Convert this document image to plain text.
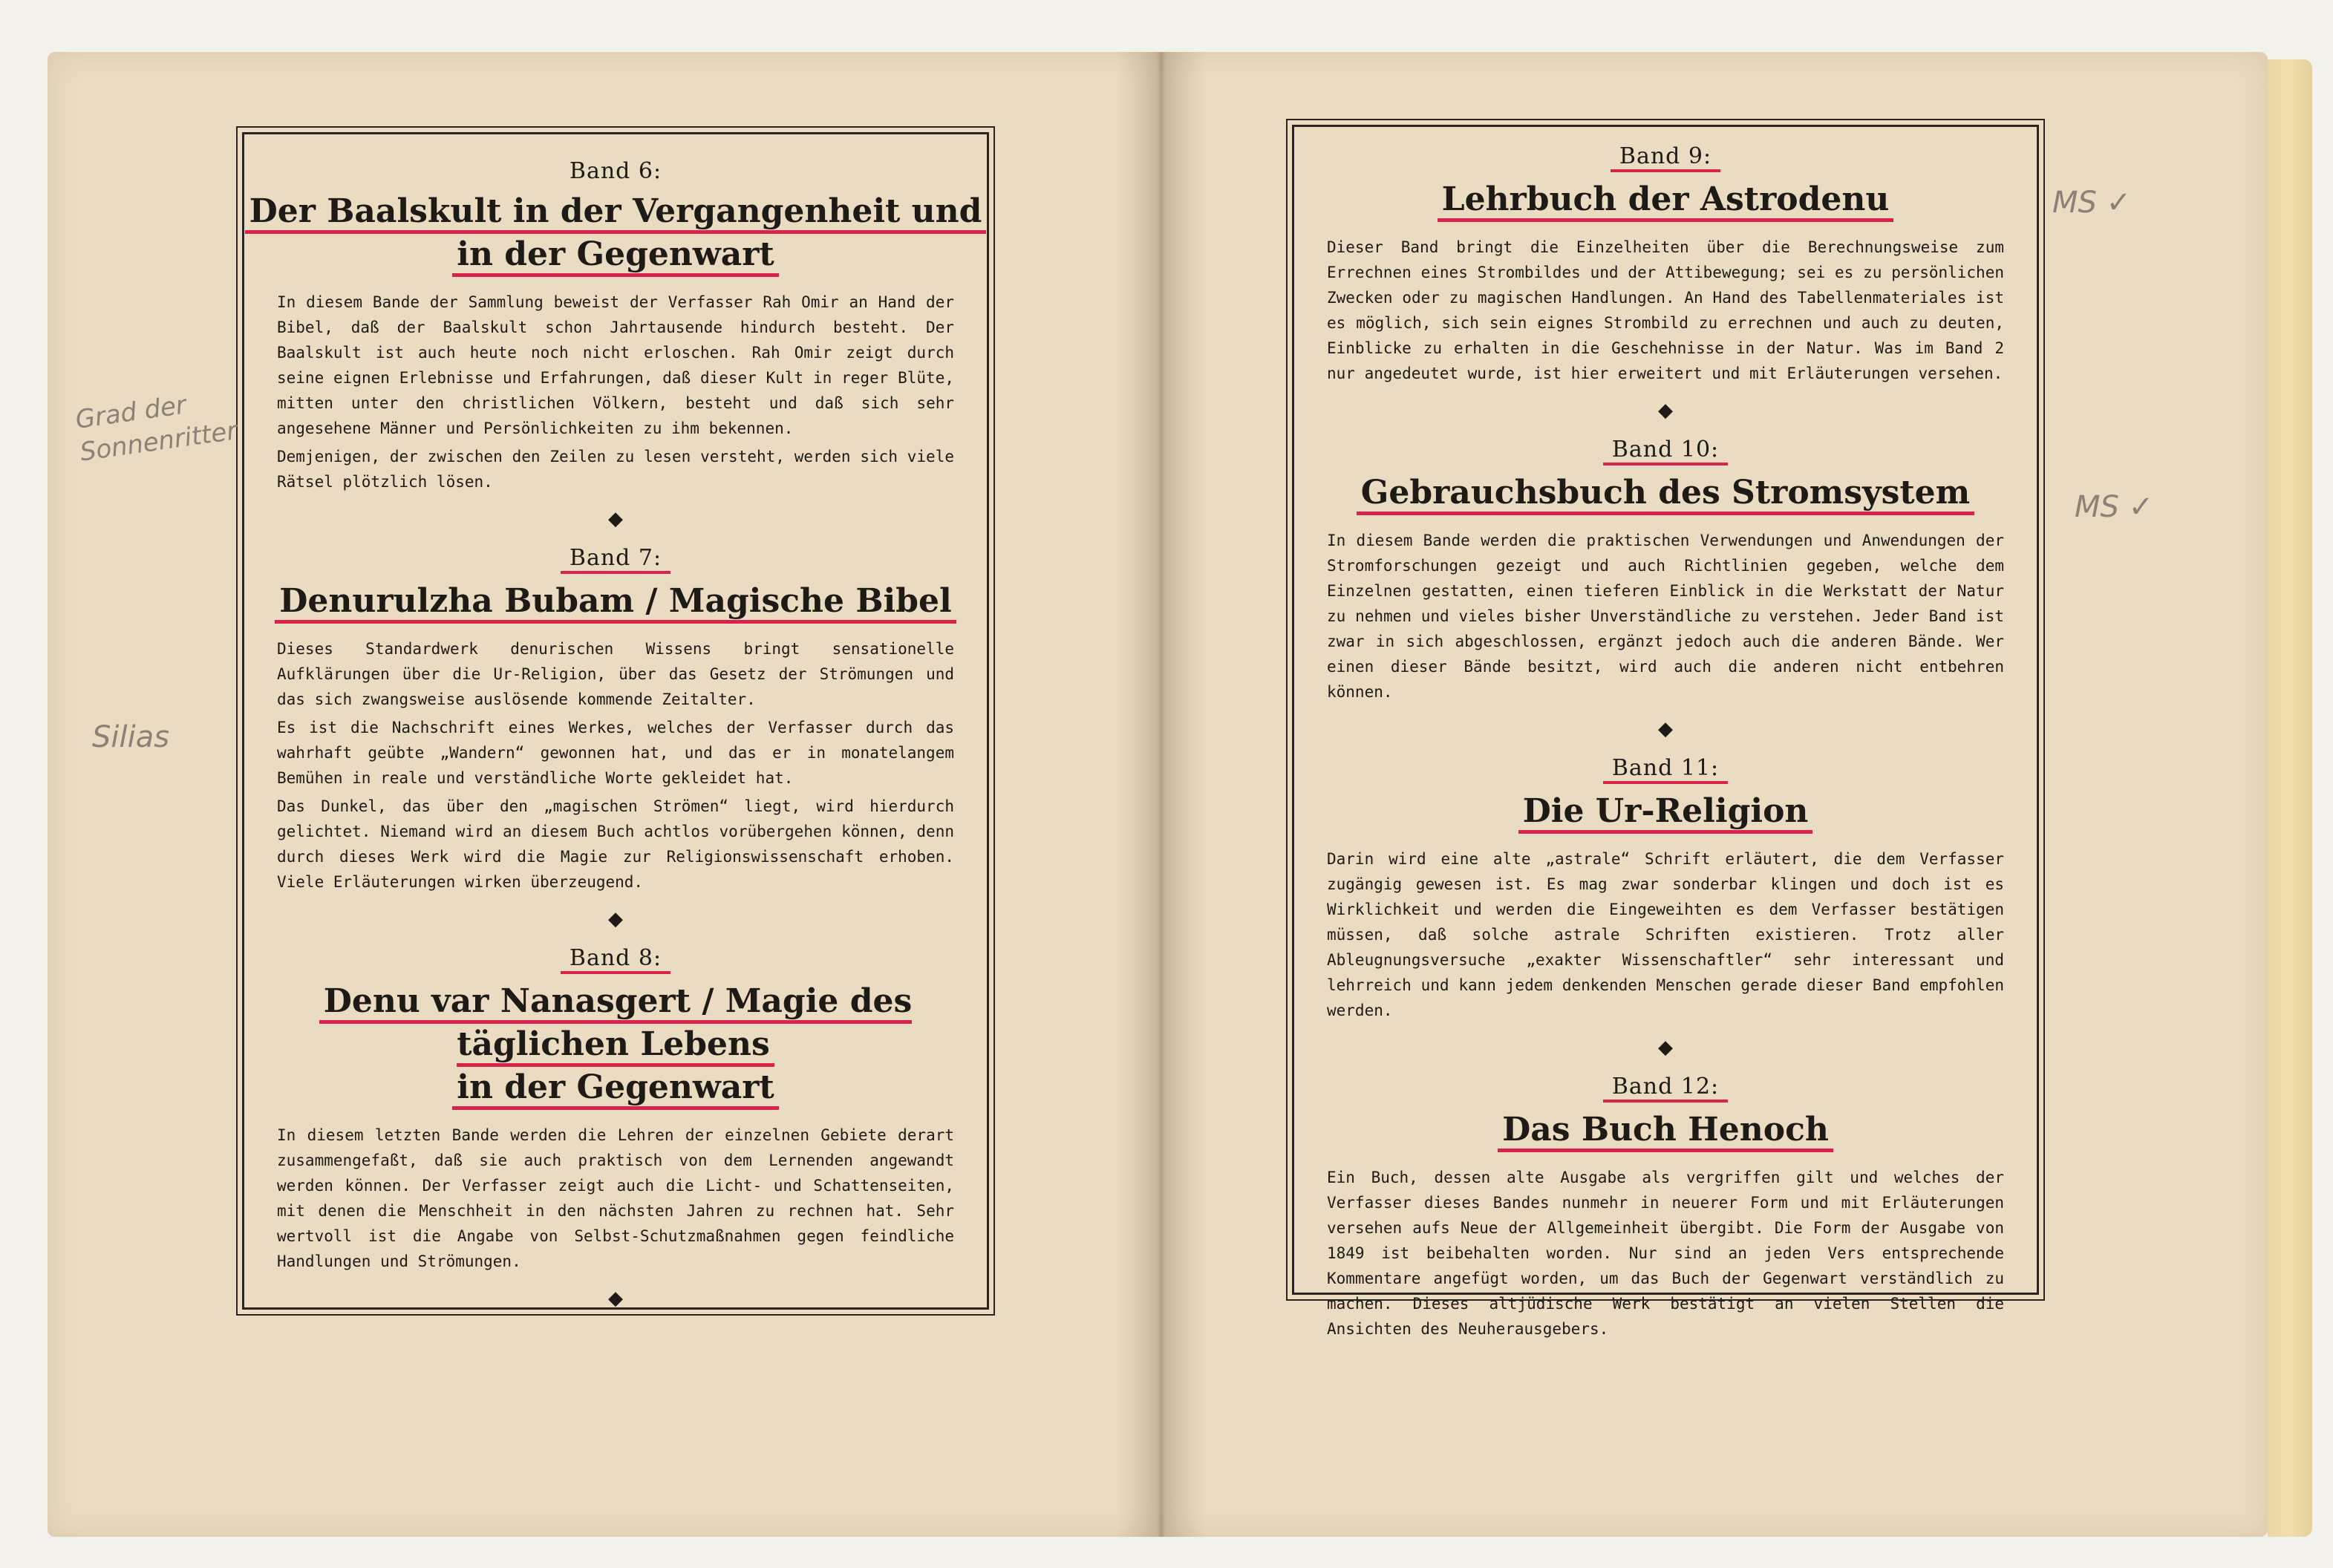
Band 6:
Der Baalskult in der Vergangenheit und
in der Gegenwart

In diesem Bande der Sammlung beweist der Verfasser Rah Omir an Hand der Bibel, daß der Baalskult schon Jahrtausende hindurch besteht. Der Baalskult ist auch heute noch nicht erloschen. Rah Omir zeigt durch seine eignen Erlebnisse und Erfahrungen, daß dieser Kult in reger Blüte, mitten unter den christlichen Völkern, besteht und daß sich sehr angesehene Männer und Persönlichkeiten zu ihm bekennen.

Demjenigen, der zwischen den Zeilen zu lesen versteht, werden sich viele Rätsel plötzlich lösen.

◆
Band 7:
Denurulzha Bubam / Magische Bibel

Dieses Standardwerk denurischen Wissens bringt sensationelle Aufklärungen über die Ur-Religion, über das Gesetz der Strömungen und das sich zwangsweise auslösende kommende Zeitalter.

Es ist die Nachschrift eines Werkes, welches der Verfasser durch das wahrhaft geübte „Wandern“ gewonnen hat, und das er in monatelangem Bemühen in reale und verständliche Worte gekleidet hat.

Das Dunkel, das über den „magischen Strömen“ liegt, wird hierdurch gelichtet. Niemand wird an diesem Buch achtlos vorübergehen können, denn durch dieses Werk wird die Magie zur Religionswissenschaft erhoben. Viele Erläuterungen wirken überzeugend.

◆
Band 8:
Denu var Nanasgert / Magie des täglichen Lebens
in der Gegenwart

In diesem letzten Bande werden die Lehren der einzelnen Gebiete derart zusammengefaßt, daß sie auch praktisch von dem Lernenden angewandt werden können. Der Verfasser zeigt auch die Licht- und Schattenseiten, mit denen die Menschheit in den nächsten Jahren zu rechnen hat. Sehr wertvoll ist die Angabe von Selbst-Schutzmaßnahmen gegen feindliche Handlungen und Strömungen.

◆
Band 9:
Lehrbuch der Astrodenu

Dieser Band bringt die Einzelheiten über die Berechnungsweise zum Errechnen eines Strombildes und der Attibewegung; sei es zu persönlichen Zwecken oder zu magischen Handlungen. An Hand des Tabellenmateriales ist es möglich, sich sein eignes Strombild zu errechnen und auch zu deuten, Einblicke zu erhalten in die Geschehnisse in der Natur. Was im Band 2 nur angedeutet wurde, ist hier erweitert und mit Erläuterungen versehen.

◆
Band 10:
Gebrauchsbuch des Stromsystem

In diesem Bande werden die praktischen Verwendungen und Anwendungen der Stromforschungen gezeigt und auch Richtlinien gegeben, welche dem Einzelnen gestatten, einen tieferen Einblick in die Werkstatt der Natur zu nehmen und vieles bisher Unverständliche zu verstehen. Jeder Band ist zwar in sich abgeschlossen, ergänzt jedoch auch die anderen Bände. Wer einen dieser Bände besitzt, wird auch die anderen nicht entbehren können.

◆
Band 11:
Die Ur-Religion

Darin wird eine alte „astrale“ Schrift erläutert, die dem Verfasser zugängig gewesen ist. Es mag zwar sonderbar klingen und doch ist es Wirklichkeit und werden die Eingeweihten es dem Verfasser bestätigen müssen, daß solche astrale Schriften existieren. Trotz aller Ableugnungsversuche „exakter Wissenschaftler“ sehr interessant und lehrreich und kann jedem denkenden Menschen gerade dieser Band empfohlen werden.

◆
Band 12:
Das Buch Henoch

Ein Buch, dessen alte Ausgabe als vergriffen gilt und welches der Verfasser dieses Bandes nunmehr in neuerer Form und mit Erläuterungen versehen aufs Neue der Allgemeinheit übergibt. Die Form der Ausgabe von 1849 ist beibehalten worden. Nur sind an jeden Vers entsprechende Kommentare angefügt worden, um das Buch der Gegenwart verständlich zu machen. Dieses altjüdische Werk bestätigt an vielen Stellen die Ansichten des Neuherausgebers.

Grad der Sonnenritter
Silias
MS ✓
MS ✓
